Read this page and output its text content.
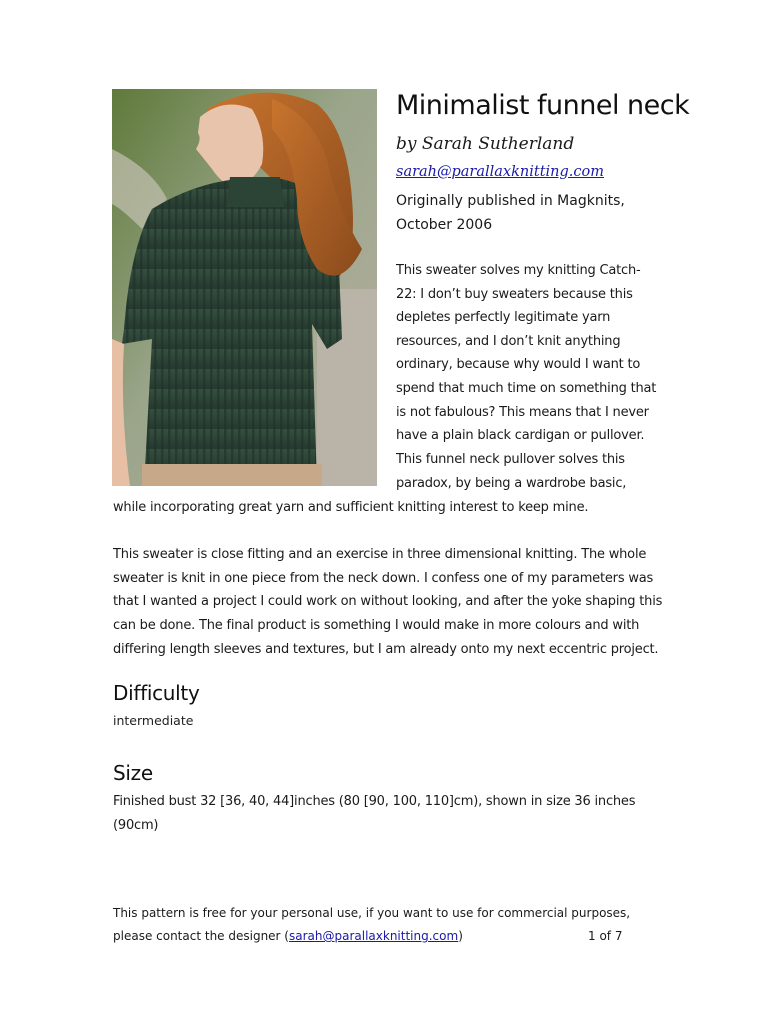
Minimalist funnel neck
by Sarah Sutherland
sarah@parallaxknitting.com
Originally published in Magknits,
October 2006
This sweater solves my knitting Catch-
22: I don’t buy sweaters because this
depletes perfectly legitimate yarn
resources, and I don’t knit anything
ordinary, because why would I want to
spend that much time on something that
is not fabulous? This means that I never
have a plain black cardigan or pullover.
This funnel neck pullover solves this
paradox, by being a wardrobe basic,
while incorporating great yarn and sufficient knitting interest to keep mine.
This sweater is close fitting and an exercise in three dimensional knitting. The whole
sweater is knit in one piece from the neck down. I confess one of my parameters was
that I wanted a project I could work on without looking, and after the yoke shaping this
can be done. The final product is something I would make in more colours and with
differing length sleeves and textures, but I am already onto my next eccentric project.
Difficulty
intermediate
Size
Finished bust 32 [36, 40, 44]inches (80 [90, 100, 110]cm), shown in size 36 inches
(90cm)
This pattern is free for your personal use, if you want to use for commercial purposes,
please contact the designer (sarah@parallaxknitting.com)	1 of 7
